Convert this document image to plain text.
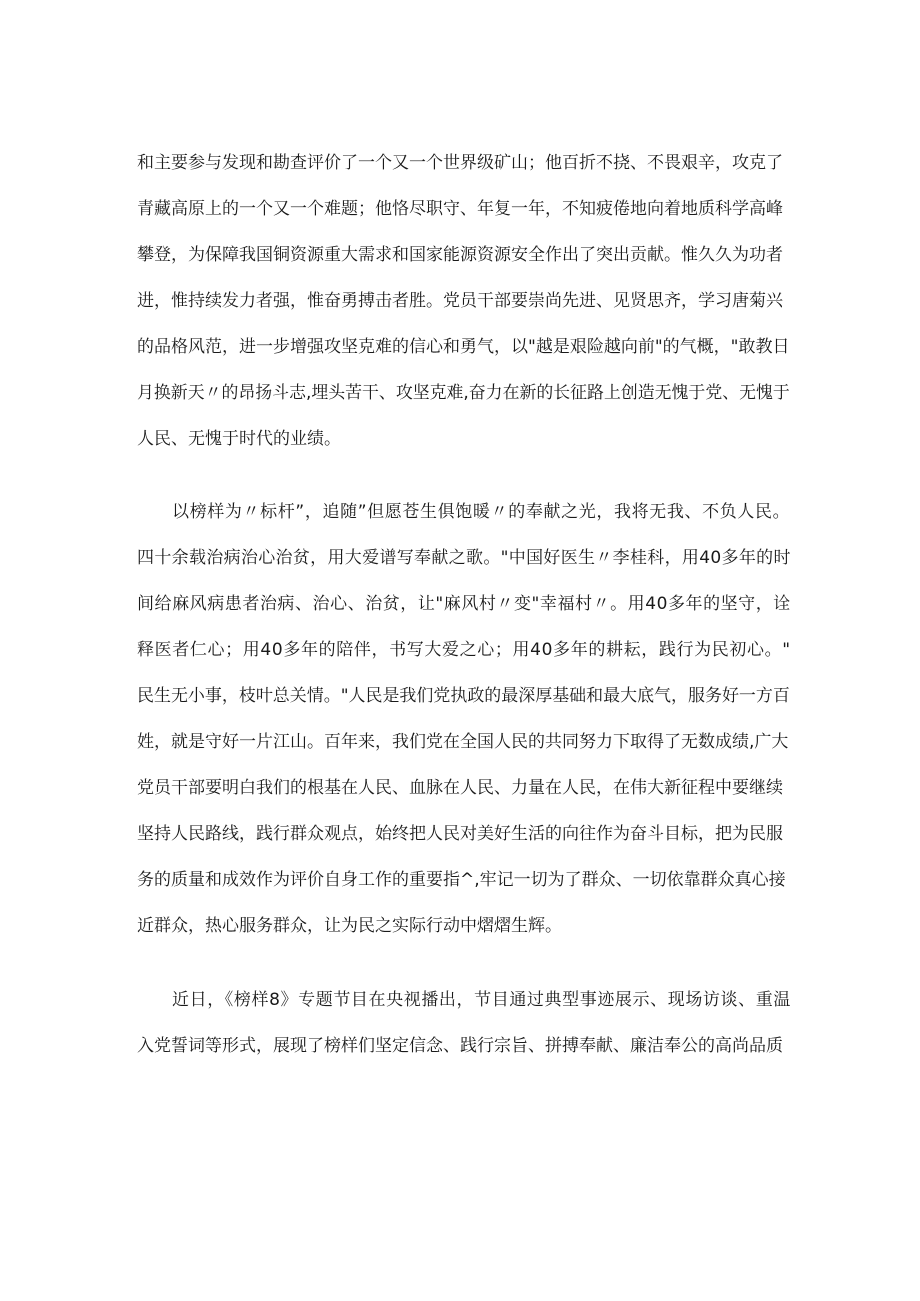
和主要参与发现和勘查评价了一个又一个世界级矿山；他百折不挠、不畏艰辛，攻克了
青藏高原上的一个又一个难题；他恪尽职守、年复一年，不知疲倦地向着地质科学高峰
攀登，为保障我国铜资源重大需求和国家能源资源安全作出了突出贡献。惟久久为功者
进，惟持续发力者强，惟奋勇搏击者胜。党员干部要崇尚先进、见贤思齐，学习唐菊兴
的品格风范，进一步增强攻坚克难的信心和勇气，以"越是艰险越向前"的气概，"敢教日
月换新天〃的昂扬斗志,埋头苦干、攻坚克难,奋力在新的长征路上创造无愧于党、无愧于
人民、无愧于时代的业绩。
以榜样为〃标杆”，追随”但愿苍生俱饱暖〃的奉献之光，我将无我、不负人民。
四十余载治病治心治贫，用大爱谱写奉献之歌。"中国好医生〃李桂科，用40多年的时
间给麻风病患者治病、治心、治贫，让"麻风村〃变"幸福村〃。用40多年的坚守，诠
释医者仁心；用40多年的陪伴，书写大爱之心；用40多年的耕耘，践行为民初心。"
民生无小事，枝叶总关情。"人民是我们党执政的最深厚基础和最大底气，服务好一方百
姓，就是守好一片江山。百年来，我们党在全国人民的共同努力下取得了无数成绩,广大
党员干部要明白我们的根基在人民、血脉在人民、力量在人民，在伟大新征程中要继续
坚持人民路线，践行群众观点，始终把人民对美好生活的向往作为奋斗目标，把为民服
务的质量和成效作为评价自身工作的重要指^,牢记一切为了群众、一切依靠群众真心接
近群众，热心服务群众，让为民之实际行动中熠熠生辉。
近日，《榜样8》专题节目在央视播出，节目通过典型事迹展示、现场访谈、重温
入党誓词等形式，展现了榜样们坚定信念、践行宗旨、拼搏奉献、廉洁奉公的高尚品质
